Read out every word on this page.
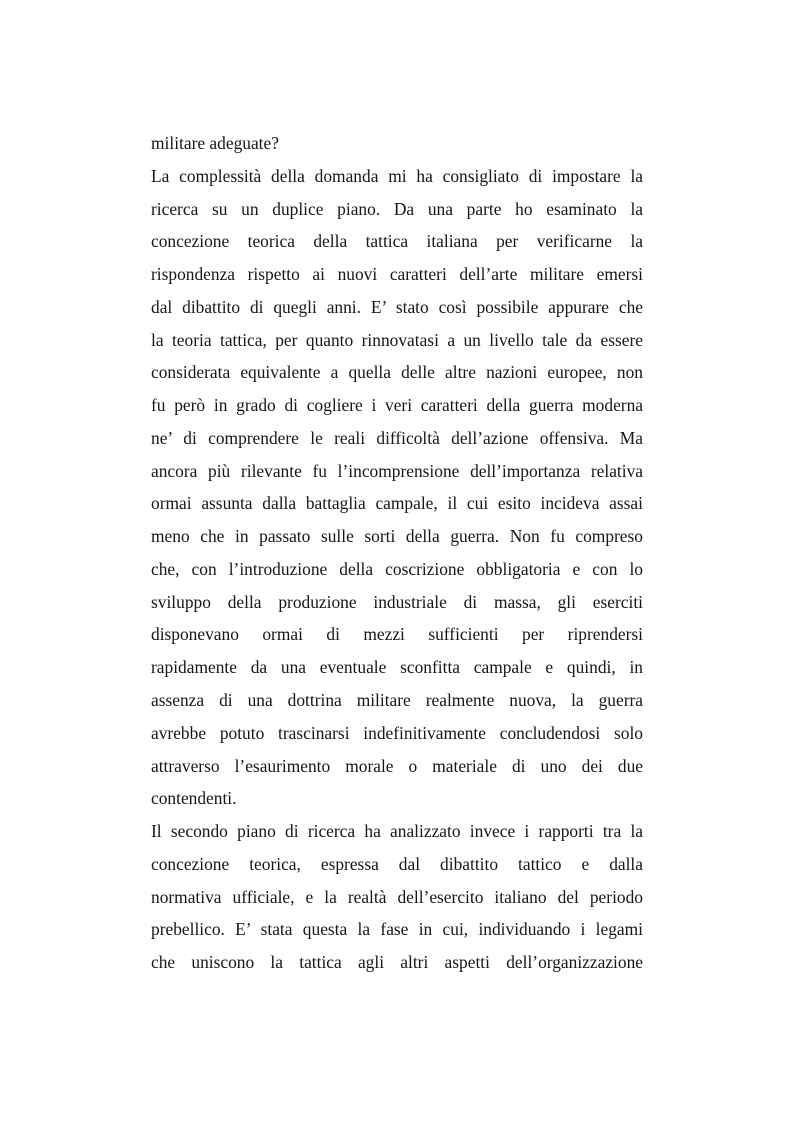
militare adeguate?
La complessità della domanda mi ha consigliato di impostare la
ricerca su un duplice piano. Da una parte ho esaminato la
concezione teorica della tattica italiana per verificarne la
rispondenza rispetto ai nuovi caratteri dell’arte militare emersi
dal dibattito di quegli anni. E’ stato così possibile appurare che
la teoria tattica, per quanto rinnovatasi a un livello tale da essere
considerata equivalente a quella delle altre nazioni europee, non
fu però in grado di cogliere i veri caratteri della guerra moderna
ne’ di comprendere le reali difficoltà dell’azione offensiva. Ma
ancora più rilevante fu l’incomprensione dell’importanza relativa
ormai assunta dalla battaglia campale, il cui esito incideva assai
meno che in passato sulle sorti della guerra. Non fu compreso
che, con l’introduzione della coscrizione obbligatoria e con lo
sviluppo della produzione industriale di massa, gli eserciti
disponevano ormai di mezzi sufficienti per riprendersi
rapidamente da una eventuale sconfitta campale e quindi, in
assenza di una dottrina militare realmente nuova, la guerra
avrebbe potuto trascinarsi indefinitivamente concludendosi solo
attraverso l’esaurimento morale o materiale di uno dei due
contendenti.
Il secondo piano di ricerca ha analizzato invece i rapporti tra la
concezione teorica, espressa dal dibattito tattico e dalla
normativa ufficiale, e la realtà dell’esercito italiano del periodo
prebellico. E’ stata questa la fase in cui, individuando i legami
che uniscono la tattica agli altri aspetti dell’organizzazione
